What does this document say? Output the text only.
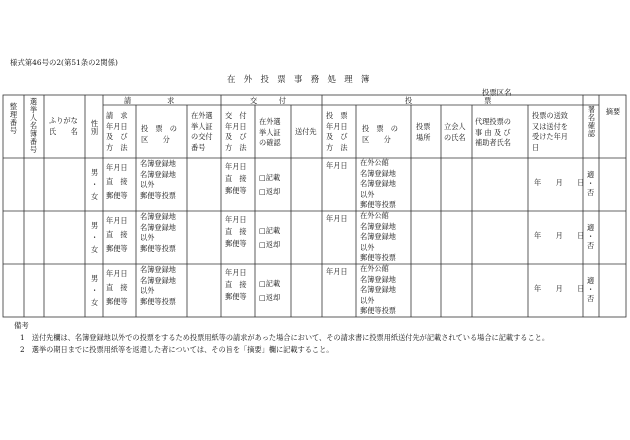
様式第46号の2(第51条の2関係)
在　外　投　票　事　務　処　理　簿
投票区名
整理番号
選挙人名簿番号
ふりがな
氏　　名
性別
署名確認
摘要
請　　　　　求	交　　　付	投　　　　　　　　　　票
請　求
年月日
及　び
方　法
投　票　の　区　　分
在外選
挙人証
の交付
番号
交　付
年月日
及　び
方　法
在外選
挙人証
の確認
送付先
投　票
年月日
及　び
方　法
投　票　の　区　　分
投票
場所
立会人
の氏名
代理投票の
事 由 及 び
補助者氏名
投票の送致
又は送付を
受けた年月
日
男
・
女
年月日
直　接
郵便等
名簿登録地
名簿登録地
以外
郵便等投票
年月日
直　接
郵便等
□記載
□返却
年月日 在外公館
名簿登録地
名簿登録地
以外
郵便等投票
年　　月　　日
適
・
否
男
・
女
年月日
直　接
郵便等
名簿登録地
名簿登録地
以外
郵便等投票
年月日
直　接
郵便等
□記載
□返却
年月日 在外公館
名簿登録地
名簿登録地
以外
郵便等投票
年　　月　　日
適
・
否
男
・
女
年月日
直　接
郵便等
名簿登録地
名簿登録地
以外
郵便等投票
年月日
直　接
郵便等
□記載
□返却
年月日 在外公館
名簿登録地
名簿登録地
以外
郵便等投票
年　　月　　日
適
・
否
備考
1　送付先欄は、名簿登録地以外での投票をするため投票用紙等の請求があった場合において、その請求書に投票用紙送付先が記載されている場合に記載すること。
2　選挙の期日までに投票用紙等を返還した者については、その旨を「摘要」欄に記載すること。
